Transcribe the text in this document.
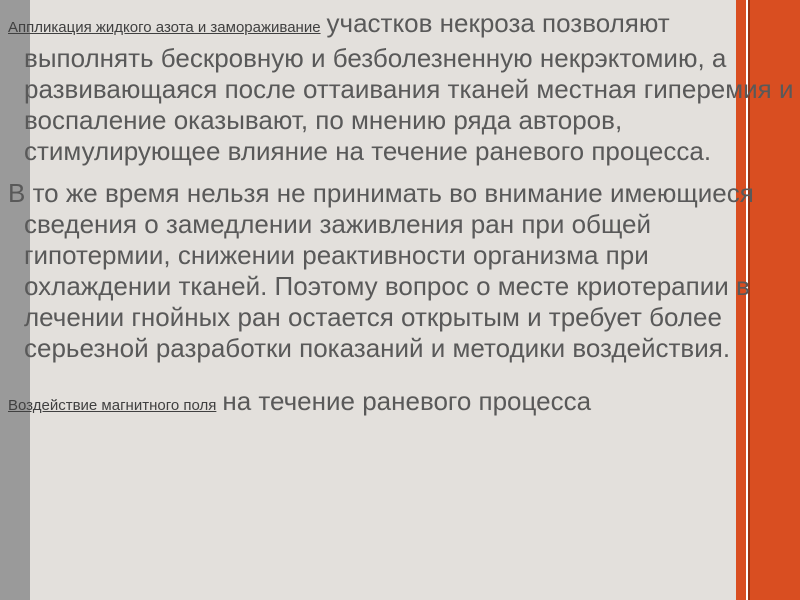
Аппликация жидкого азота и замораживание участков некроза позволяют выполнять бескровную и безболезненную некрэктомию, а развивающаяся после оттаивания тканей местная гиперемия и воспаление оказывают, по мнению ряда авторов, стимулирующее влияние на течение раневого процесса.

В то же время нельзя не принимать во внимание имеющиеся сведения о замедлении заживления ран при общей гипотермии, снижении реактивности организма при охлаждении тканей. Поэтому вопрос о месте криотерапии в лечении гнойных ран остается открытым и требует более серьезной разработки показаний и методики воздействия.

Воздействие магнитного поля на течение раневого процесса
